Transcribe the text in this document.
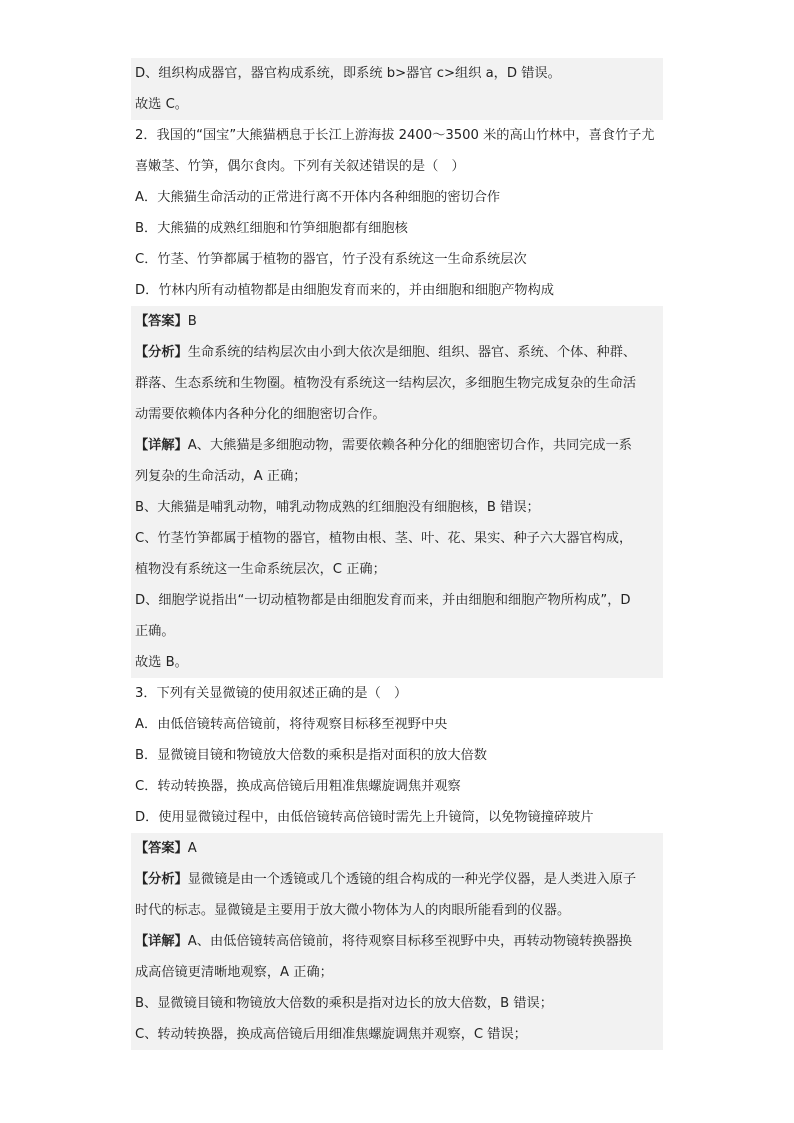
D、组织构成器官，器官构成系统，即系统 b>器官 c>组织 a，D 错误。
故选 C。
2．我国的“国宝”大熊猫栖息于长江上游海拔 2400～3500 米的高山竹林中，喜食竹子尤
喜嫩茎、竹笋，偶尔食肉。下列有关叙述错误的是（　）
A．大熊猫生命活动的正常进行离不开体内各种细胞的密切合作
B．大熊猫的成熟红细胞和竹笋细胞都有细胞核
C．竹茎、竹笋都属于植物的器官，竹子没有系统这一生命系统层次
D．竹林内所有动植物都是由细胞发育而来的，并由细胞和细胞产物构成
【答案】B
【分析】生命系统的结构层次由小到大依次是细胞、组织、器官、系统、个体、种群、
群落、生态系统和生物圈。植物没有系统这一结构层次，多细胞生物完成复杂的生命活
动需要依赖体内各种分化的细胞密切合作。
【详解】A、大熊猫是多细胞动物，需要依赖各种分化的细胞密切合作，共同完成一系
列复杂的生命活动，A 正确；
B、大熊猫是哺乳动物，哺乳动物成熟的红细胞没有细胞核，B 错误；
C、竹茎竹笋都属于植物的器官，植物由根、茎、叶、花、果实、种子六大器官构成，
植物没有系统这一生命系统层次，C 正确；
D、细胞学说指出“一切动植物都是由细胞发育而来，并由细胞和细胞产物所构成”，D
正确。
故选 B。
3．下列有关显微镜的使用叙述正确的是（　）
A．由低倍镜转高倍镜前，将待观察目标移至视野中央
B．显微镜目镜和物镜放大倍数的乘积是指对面积的放大倍数
C．转动转换器，换成高倍镜后用粗准焦螺旋调焦并观察
D．使用显微镜过程中，由低倍镜转高倍镜时需先上升镜筒，以免物镜撞碎玻片
【答案】A
【分析】显微镜是由一个透镜或几个透镜的组合构成的一种光学仪器，是人类进入原子
时代的标志。显微镜是主要用于放大微小物体为人的肉眼所能看到的仪器。
【详解】A、由低倍镜转高倍镜前，将待观察目标移至视野中央，再转动物镜转换器换
成高倍镜更清晰地观察，A 正确；
B、显微镜目镜和物镜放大倍数的乘积是指对边长的放大倍数，B 错误；
C、转动转换器，换成高倍镜后用细准焦螺旋调焦并观察，C 错误；
